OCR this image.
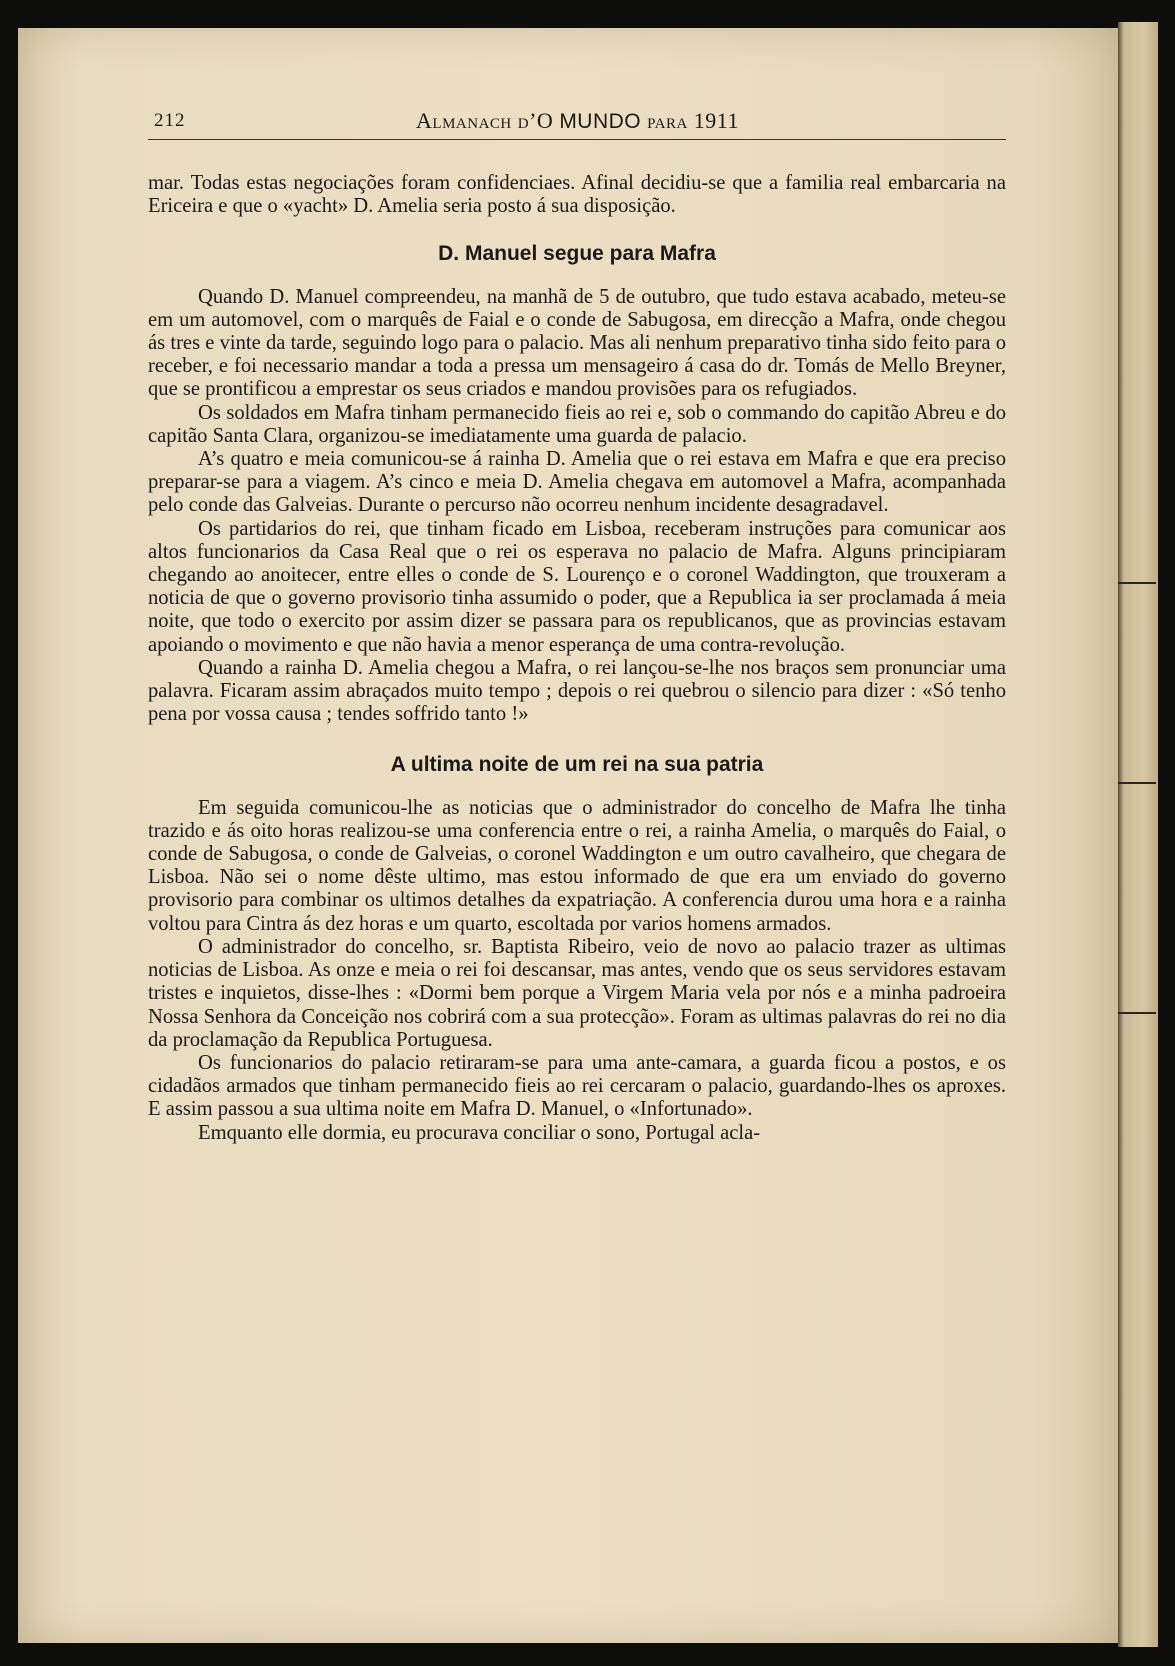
212	Almanach d’O MUNDO para 1911

mar. Todas estas negociações foram confidenciaes. Afinal decidiu-se que a familia real embarcaria na Ericeira e que o «yacht» D. Amelia seria posto á sua disposição.

D. Manuel segue para Mafra

Quando D. Manuel compreendeu, na manhã de 5 de outubro, que tudo estava acabado, meteu-se em um automovel, com o marquês de Faial e o conde de Sabugosa, em direcção a Mafra, onde chegou ás tres e vinte da tarde, seguindo logo para o palacio. Mas ali nenhum preparativo tinha sido feito para o receber, e foi necessario mandar a toda a pressa um mensageiro á casa do dr. Tomás de Mello Breyner, que se prontificou a emprestar os seus criados e mandou provisões para os refugiados.

Os soldados em Mafra tinham permanecido fieis ao rei e, sob o commando do capitão Abreu e do capitão Santa Clara, organizou-se imediatamente uma guarda de palacio.

A’s quatro e meia comunicou-se á rainha D. Amelia que o rei estava em Mafra e que era preciso preparar-se para a viagem. A’s cinco e meia D. Amelia chegava em automovel a Mafra, acompanhada pelo conde das Galveias. Durante o percurso não ocorreu nenhum incidente desagradavel.

Os partidarios do rei, que tinham ficado em Lisboa, receberam instruções para comunicar aos altos funcionarios da Casa Real que o rei os esperava no palacio de Mafra. Alguns principiaram chegando ao anoitecer, entre elles o conde de S. Lourenço e o coronel Waddington, que trouxeram a noticia de que o governo provisorio tinha assumido o poder, que a Republica ia ser proclamada á meia noite, que todo o exercito por assim dizer se passara para os republicanos, que as provincias estavam apoiando o movimento e que não havia a menor esperança de uma contra-revolução.

Quando a rainha D. Amelia chegou a Mafra, o rei lançou-se-lhe nos braços sem pronunciar uma palavra. Ficaram assim abraçados muito tempo ; depois o rei quebrou o silencio para dizer : «Só tenho pena por vossa causa ; tendes soffrido tanto !»

A ultima noite de um rei na sua patria

Em seguida comunicou-lhe as noticias que o administrador do concelho de Mafra lhe tinha trazido e ás oito horas realizou-se uma conferencia entre o rei, a rainha Amelia, o marquês do Faial, o conde de Sabugosa, o conde de Galveias, o coronel Waddington e um outro cavalheiro, que chegara de Lisboa. Não sei o nome dêste ultimo, mas estou informado de que era um enviado do governo provisorio para combinar os ultimos detalhes da expatriação. A conferencia durou uma hora e a rainha voltou para Cintra ás dez horas e um quarto, escoltada por varios homens armados.

O administrador do concelho, sr. Baptista Ribeiro, veio de novo ao palacio trazer as ultimas noticias de Lisboa. As onze e meia o rei foi descansar, mas antes, vendo que os seus servidores estavam tristes e inquietos, disse-lhes : «Dormi bem porque a Virgem Maria vela por nós e a minha padroeira Nossa Senhora da Conceição nos cobrirá com a sua protecção». Foram as ultimas palavras do rei no dia da proclamação da Republica Portuguesa.

Os funcionarios do palacio retiraram-se para uma ante-camara, a guarda ficou a postos, e os cidadãos armados que tinham permanecido fieis ao rei cercaram o palacio, guardando-lhes os aproxes. E assim passou a sua ultima noite em Mafra D. Manuel, o «Infortunado».

Emquanto elle dormia, eu procurava conciliar o sono, Portugal acla-
